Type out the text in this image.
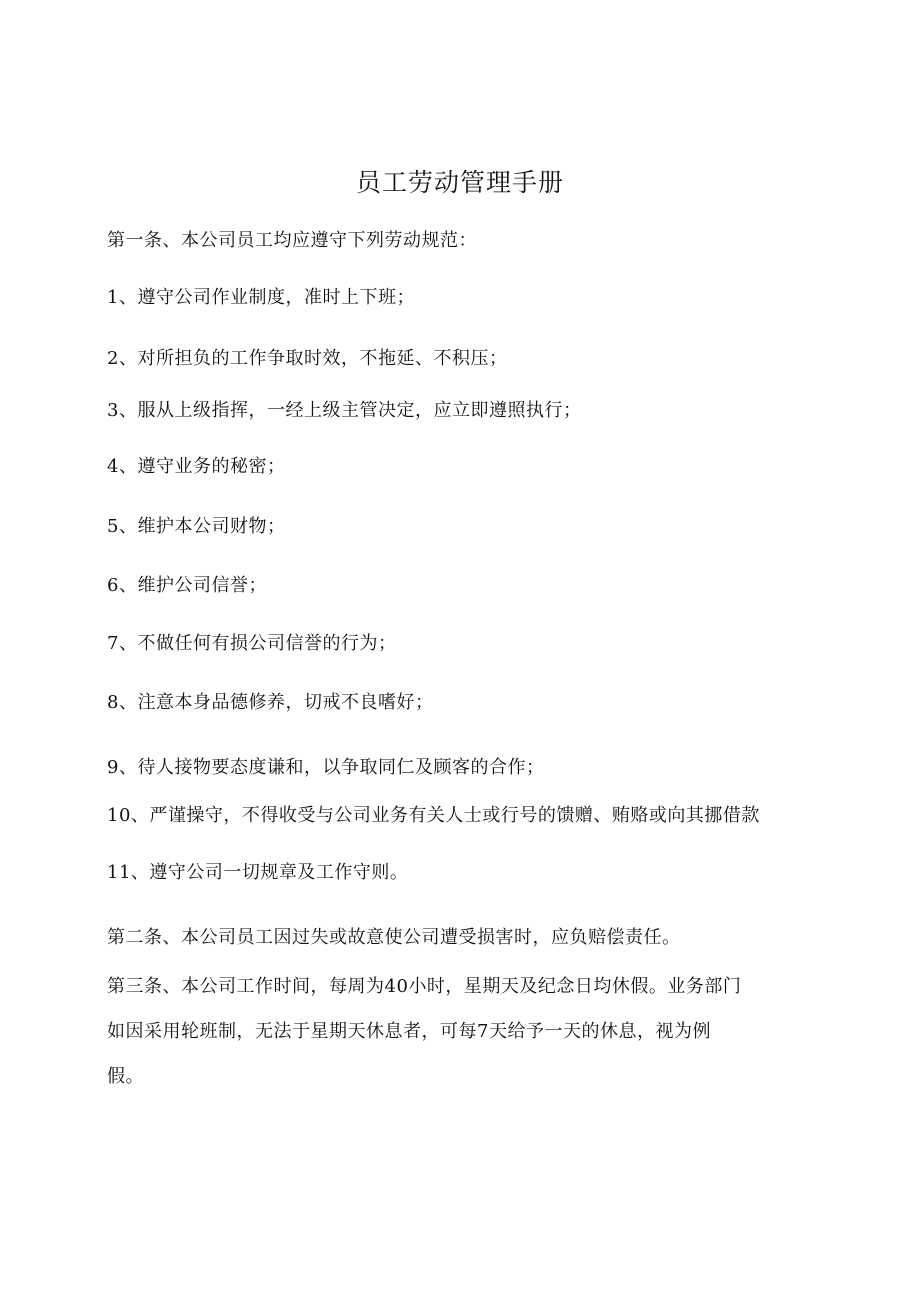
员工劳动管理手册
第一条、本公司员工均应遵守下列劳动规范：
1、遵守公司作业制度，准时上下班；
2、对所担负的工作争取时效，不拖延、不积压；
3、服从上级指挥，一经上级主管决定，应立即遵照执行；
4、遵守业务的秘密；
5、维护本公司财物；
6、维护公司信誉；
7、不做任何有损公司信誉的行为；
8、注意本身品德修养，切戒不良嗜好；
9、待人接物要态度谦和，以争取同仁及顾客的合作；
10、严谨操守，不得收受与公司业务有关人士或行号的馈赠、贿赂或向其挪借款
11、遵守公司一切规章及工作守则。
第二条、本公司员工因过失或故意使公司遭受损害时，应负赔偿责任。
第三条、本公司工作时间，每周为40小时，星期天及纪念日均休假。业务部门
如因采用轮班制，无法于星期天休息者，可每7天给予一天的休息，视为例
假。
